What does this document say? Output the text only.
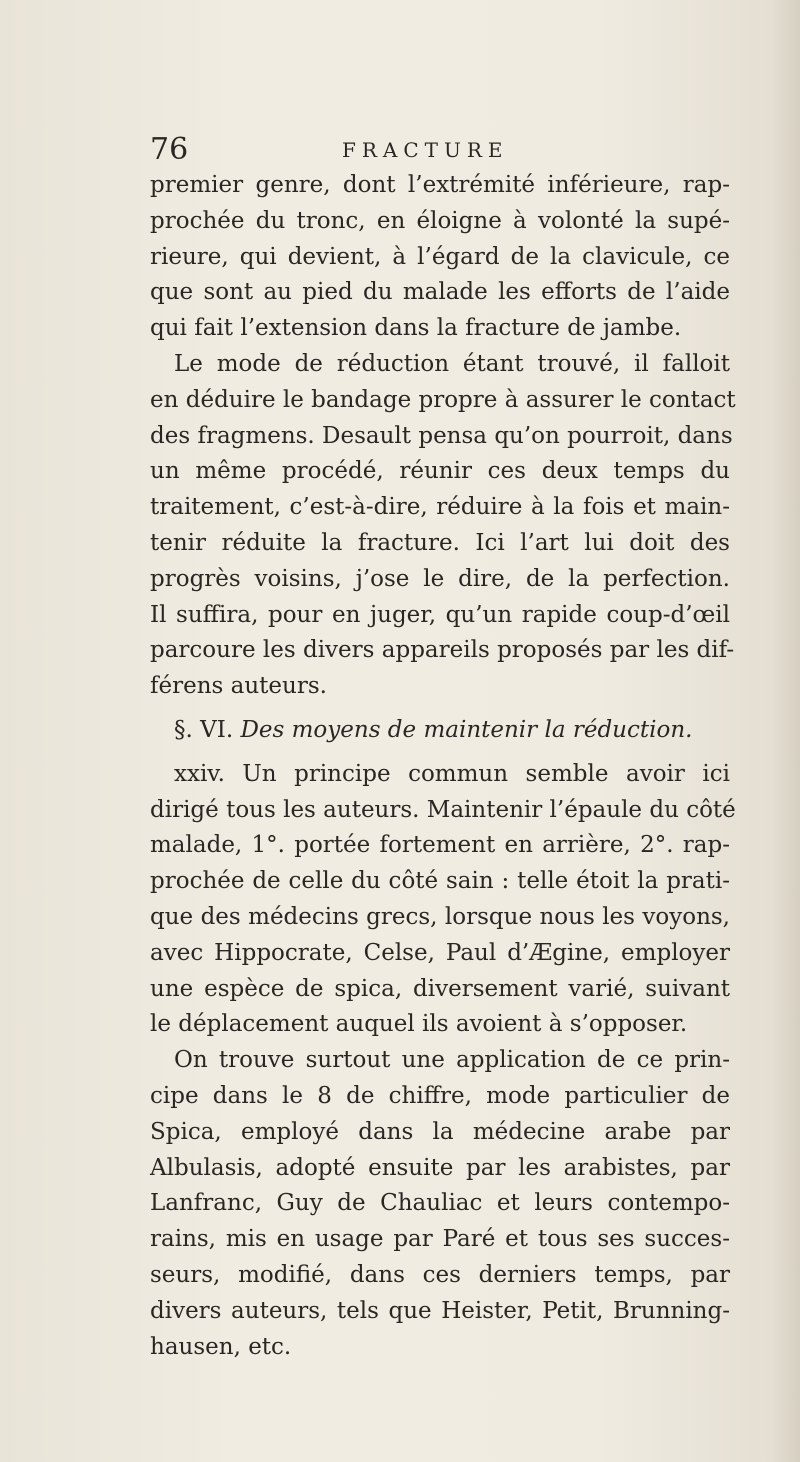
76	FRACTURE
premier genre, dont l’extrémité inférieure, rap-
prochée du tronc, en éloigne à volonté la supé-
rieure, qui devient, à l’égard de la clavicule, ce
que sont au pied du malade les efforts de l’aide
qui fait l’extension dans la fracture de jambe.
Le mode de réduction étant trouvé, il falloit
en déduire le bandage propre à assurer le contact
des fragmens. Desault pensa qu’on pourroit, dans
un même procédé, réunir ces deux temps du
traitement, c’est-à-dire, réduire à la fois et main-
tenir réduite la fracture. Ici l’art lui doit des
progrès voisins, j’ose le dire, de la perfection.
Il suffira, pour en juger, qu’un rapide coup-d’œil
parcoure les divers appareils proposés par les dif-
férens auteurs.
§. VI. Des moyens de maintenir la réduction.
xxiv. Un principe commun semble avoir ici
dirigé tous les auteurs. Maintenir l’épaule du côté
malade, 1°. portée fortement en arrière, 2°. rap-
prochée de celle du côté sain : telle étoit la prati-
que des médecins grecs, lorsque nous les voyons,
avec Hippocrate, Celse, Paul d’Ægine, employer
une espèce de spica, diversement varié, suivant
le déplacement auquel ils avoient à s’opposer.
On trouve surtout une application de ce prin-
cipe dans le 8 de chiffre, mode particulier de
Spica, employé dans la médecine arabe par
Albulasis, adopté ensuite par les arabistes, par
Lanfranc, Guy de Chauliac et leurs contempo-
rains, mis en usage par Paré et tous ses succes-
seurs, modifié, dans ces derniers temps, par
divers auteurs, tels que Heister, Petit, Brunning-
hausen, etc.
